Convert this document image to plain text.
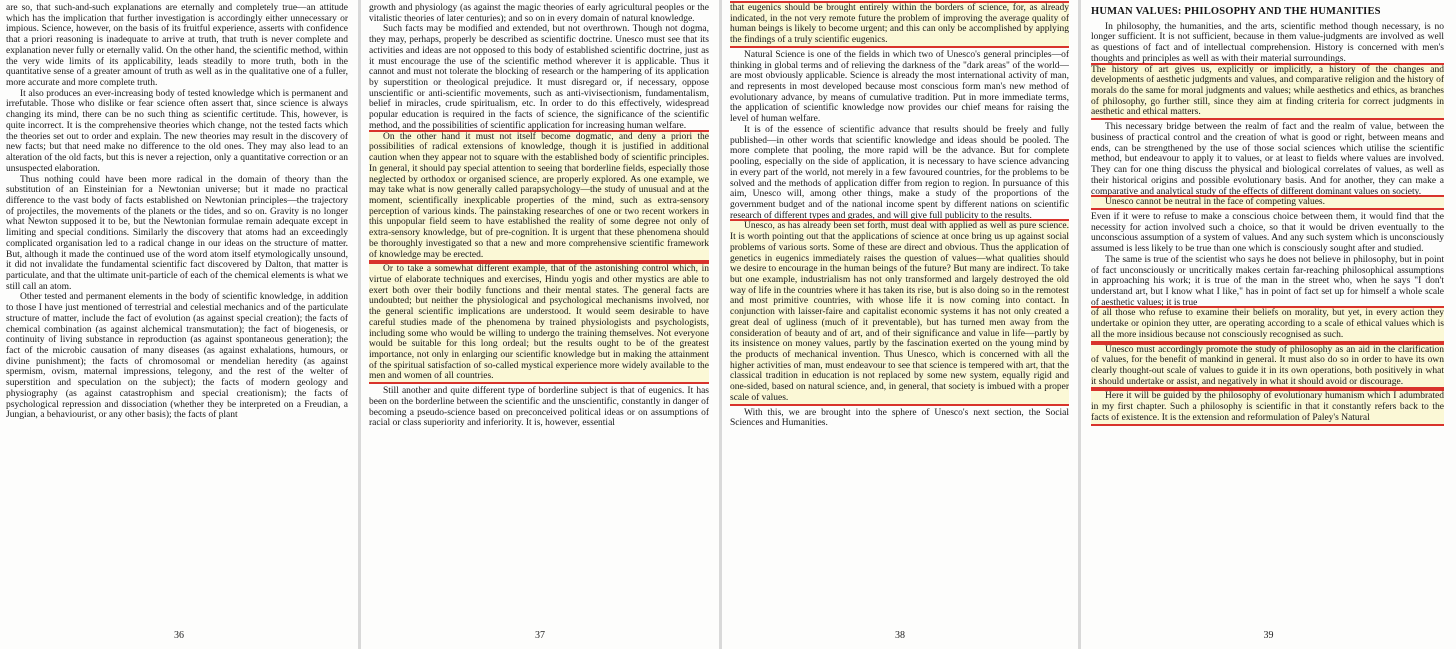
are so, that such-and-such explanations are eternally and completely true—an attitude which has the implication that further investigation is accordingly either unnecessary or impious. Science, however, on the basis of its fruitful experience, asserts with confidence that a priori reasoning is inadequate to arrive at truth, that truth is never complete and explanation never fully or eternally valid. On the other hand, the scientific method, within the very wide limits of its applicability, leads steadily to more truth, both in the quantitative sense of a greater amount of truth as well as in the qualitative one of a fuller, more accurate and more complete truth.

It also produces an ever-increasing body of tested knowledge which is permanent and irrefutable. Those who dislike or fear science often assert that, since science is always changing its mind, there can be no such thing as scientific certitude. This, however, is quite incorrect. It is the comprehensive theories which change, not the tested facts which the theories set out to order and explain. The new theories may result in the discovery of new facts; but that need make no difference to the old ones. They may also lead to an alteration of the old facts, but this is never a rejection, only a quantitative correction or an unsuspected elaboration.

Thus nothing could have been more radical in the domain of theory than the substitution of an Einsteinian for a Newtonian universe; but it made no practical difference to the vast body of facts established on Newtonian principles—the trajectory of projectiles, the movements of the planets or the tides, and so on. Gravity is no longer what Newton supposed it to be, but the Newtonian formulae remain adequate except in limiting and special conditions. Similarly the discovery that atoms had an exceedingly complicated organisation led to a radical change in our ideas on the structure of matter. But, although it made the continued use of the word atom itself etymologically unsound, it did not invalidate the fundamental scientific fact discovered by Dalton, that matter is particulate, and that the ultimate unit-particle of each of the chemical elements is what we still call an atom.

Other tested and permanent elements in the body of scientific knowledge, in addition to those I have just mentioned of terrestrial and celestial mechanics and of the particulate structure of matter, include the fact of evolution (as against special creation); the facts of chemical combination (as against alchemical transmutation); the fact of biogenesis, or continuity of living substance in reproduction (as against spontaneous generation); the fact of the microbic causation of many diseases (as against exhalations, humours, or divine punishment); the facts of chromosomal or mendelian heredity (as against spermism, ovism, maternal impressions, telegony, and the rest of the welter of superstition and speculation on the subject); the facts of modern geology and physiography (as against catastrophism and special creationism); the facts of psychological repression and dissociation (whether they be interpreted on a Freudian, a Jungian, a behaviourist, or any other basis); the facts of plant

36

growth and physiology (as against the magic theories of early agricultural peoples or the vitalistic theories of later centuries); and so on in every domain of natural knowledge.

Such facts may be modified and extended, but not overthrown. Though not dogma, they may, perhaps, properly be described as scientific doctrine. Unesco must see that its activities and ideas are not opposed to this body of established scientific doctrine, just as it must encourage the use of the scientific method wherever it is applicable. Thus it cannot and must not tolerate the blocking of research or the hampering of its application by superstition or theological prejudice. It must disregard or, if necessary, oppose unscientific or anti-scientific movements, such as anti-vivisectionism, fundamentalism, belief in miracles, crude spiritualism, etc. In order to do this effectively, widespread popular education is required in the facts of science, the significance of the scientific method, and the possibilities of scientific application for increasing human welfare.

On the other hand it must not itself become dogmatic, and deny a priori the possibilities of radical extensions of knowledge, though it is justified in additional caution when they appear not to square with the established body of scientific principles. In general, it should pay special attention to seeing that borderline fields, especially those neglected by orthodox or organised science, are properly explored. As one example, we may take what is now generally called parapsychology—the study of unusual and at the moment, scientifically inexplicable properties of the mind, such as extra-sensory perception of various kinds. The painstaking researches of one or two recent workers in this unpopular field seem to have established the reality of some degree not only of extra-sensory knowledge, but of pre-cognition. It is urgent that these phenomena should be thoroughly investigated so that a new and more comprehensive scientific framework of knowledge may be erected.

Or to take a somewhat different example, that of the astonishing control which, in virtue of elaborate techniques and exercises, Hindu yogis and other mystics are able to exert both over their bodily functions and their mental states. The general facts are undoubted; but neither the physiological and psychological mechanisms involved, nor the general scientific implications are understood. It would seem desirable to have careful studies made of the phenomena by trained physiologists and psychologists, including some who would be willing to undergo the training themselves. Not everyone would be suitable for this long ordeal; but the results ought to be of the greatest importance, not only in enlarging our scientific knowledge but in making the attainment of the spiritual satisfaction of so-called mystical experience more widely available to the men and women of all countries.

Still another and quite different type of borderline subject is that of eugenics. It has been on the borderline between the scientific and the unscientific, constantly in danger of becoming a pseudo-science based on preconceived political ideas or on assumptions of racial or class superiority and inferiority. It is, however, essential

37

that eugenics should be brought entirely within the borders of science, for, as already indicated, in the not very remote future the problem of improving the average quality of human beings is likely to become urgent; and this can only be accomplished by applying the findings of a truly scientific eugenics.

Natural Science is one of the fields in which two of Unesco's general principles—of thinking in global terms and of relieving the darkness of the "dark areas" of the world—are most obviously applicable. Science is already the most international activity of man, and represents in most developed because most conscious form man's new method of evolutionary advance, by means of cumulative tradition. Put in more immediate terms, the application of scientific knowledge now provides our chief means for raising the level of human welfare.

It is of the essence of scientific advance that results should be freely and fully published—in other words that scientific knowledge and ideas should be pooled. The more complete that pooling, the more rapid will be the advance. But for complete pooling, especially on the side of application, it is necessary to have science advancing in every part of the world, not merely in a few favoured countries, for the problems to be solved and the methods of application differ from region to region. In pursuance of this aim, Unesco will, among other things, make a study of the proportions of the government budget and of the national income spent by different nations on scientific research of different types and grades, and will give full publicity to the results.

Unesco, as has already been set forth, must deal with applied as well as pure science. It is worth pointing out that the applications of science at once bring us up against social problems of various sorts. Some of these are direct and obvious. Thus the application of genetics in eugenics immediately raises the question of values—what qualities should we desire to encourage in the human beings of the future? But many are indirect. To take but one example, industrialism has not only transformed and largely destroyed the old way of life in the countries where it has taken its rise, but is also doing so in the remotest and most primitive countries, with whose life it is now coming into contact. In conjunction with laisser-faire and capitalist economic systems it has not only created a great deal of ugliness (much of it preventable), but has turned men away from the consideration of beauty and of art, and of their significance and value in life—partly by its insistence on money values, partly by the fascination exerted on the young mind by the products of mechanical invention. Thus Unesco, which is concerned with all the higher activities of man, must endeavour to see that science is tempered with art, that the classical tradition in education is not replaced by some new system, equally rigid and one-sided, based on natural science, and, in general, that society is imbued with a proper scale of values.

With this, we are brought into the sphere of Unesco's next section, the Social Sciences and Humanities.

38
HUMAN VALUES: PHILOSOPHY AND THE HUMANITIES

In philosophy, the humanities, and the arts, scientific method though necessary, is no longer sufficient. It is not sufficient, because in them value-judgments are involved as well as questions of fact and of intellectual comprehension. History is concerned with men's thoughts and principles as well as with their material surroundings.

The history of art gives us, explicitly or implicitly, a history of the changes and developments of aesthetic judgments and values, and comparative religion and the history of morals do the same for moral judgments and values; while aesthetics and ethics, as branches of philosophy, go further still, since they aim at finding criteria for correct judgments in aesthetic and ethical matters.

This necessary bridge between the realm of fact and the realm of value, between the business of practical control and the creation of what is good or right, between means and ends, can be strengthened by the use of those social sciences which utilise the scientific method, but endeavour to apply it to values, or at least to fields where values are involved. They can for one thing discuss the physical and biological correlates of values, as well as their historical origins and possible evolutionary basis. And for another, they can make a comparative and analytical study of the effects of different dominant values on society.

Unesco cannot be neutral in the face of competing values.

Even if it were to refuse to make a conscious choice between them, it would find that the necessity for action involved such a choice, so that it would be driven eventually to the unconscious assumption of a system of values. And any such system which is unconsciously assumed is less likely to be true than one which is consciously sought after and studied.

The same is true of the scientist who says he does not believe in philosophy, but in point of fact unconsciously or uncritically makes certain far-reaching philosophical assumptions in approaching his work; it is true of the man in the street who, when he says "I don't understand art, but I know what I like," has in point of fact set up for himself a whole scale of aesthetic values; it is true

of all those who refuse to examine their beliefs on morality, but yet, in every action they undertake or opinion they utter, are operating according to a scale of ethical values which is all the more insidious because not consciously recognised as such.

Unesco must accordingly promote the study of philosophy as an aid in the clarification of values, for the benefit of mankind in general. It must also do so in order to have its own clearly thought-out scale of values to guide it in its own operations, both positively in what it should undertake or assist, and negatively in what it should avoid or discourage.

Here it will be guided by the philosophy of evolutionary humanism which I adumbrated in my first chapter. Such a philosophy is scientific in that it constantly refers back to the facts of existence. It is the extension and reformulation of Paley's Natural

39
